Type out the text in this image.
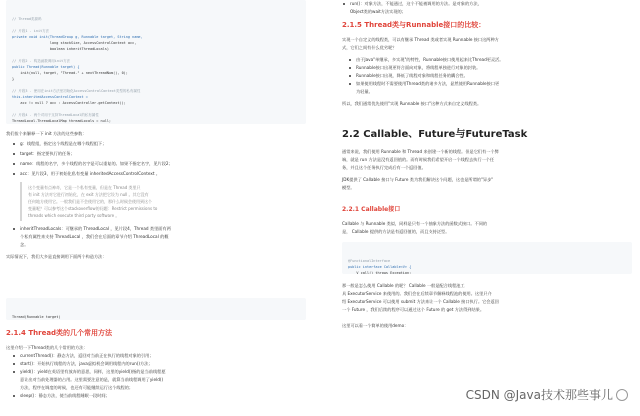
// Thread类源码

// 片段1 - init方法
private void init(ThreadGroup g, Runnable target, String name,
long stackSize, AccessControlContext acc,
boolean inheritThreadLocals)

// 片段2 - 构造函数调用init方法
public Thread(Runnable target) {
init(null, target, "Thread-" + nextThreadNum(), 0);
}

// 片段3 - 使用在init方法里初始化AccessControlContext类型的私有属性
this.inheritedAccessControlContext =
acc != null ? acc : AccessController.getContext();

// 片段4 - 两个对用于支持ThreadLocal的私有属性
ThreadLocal.ThreadLocalMap threadLocals = null;

我们挨个来解释一下 init 方法的这些参数：
g：线程组，指定这个线程是在哪个线程组下；
target：指定要执行的任务；
name：线程的名字，多个线程的名字是可以重复的。如果不指定名字，见片段2；
acc：见片段3，用于初始化私有变量 inheritedAccessControlContext 。
这个变量有点神奇，它是一个私有变量，但是在 Thread 类里只
有 init 方法对它进行初始化，在 exit 方法把它设为 null 。其它没有
任何地方使用它。一般我们是不会使用它的，那什么时候会使用到这个
变量呢？可以参考这个stackoverflow的问题：Restrict permissions to
threads which execute third party software 。
inheritThreadLocals：可继承的 ThreadLocal ，见片段4，Thread 类里面有两
个私有属性来支持 ThreadLocal ，我们会在后面的章节介绍 ThreadLocal 的概
念。
实际情况下，我们大多是直接调用下面两个构造方法：

Thread(Runnable target)

2.1.4 Thread类的几个常用方法
这里介绍一下Thread类的几个常用的方法：
currentThread()：静态方法，返回对当前正在执行的线程对象的引用；
start()：开始执行线程的方法，java虚拟机会调用线程内的run()方法；
yield()：yield在英语里有放弃的意思，同样，这里的yield()指的是当前线程愿
意让出对当前处理器的占用。这里需要注意的是，就算当前线程调用了yield()
方法，程序在调度的时候，也还有可能继续运行这个线程的；
sleep()：静态方法，使当前线程睡眠一段时间；
run()：对象方法，不能通过，这个不能被调用的方法。是对象的方法，
Object类的wait方法实现的；
2.1.5 Thread类与Runnable接口的比较：
实现一个自定义的线程类，可以有继承 Thread 类或者实现 Runnable 接口这两种方
式，它们之间有什么优劣呢？
由于Java"单继承，多实现"的特性，Runnable接口使用起来比Thread更灵活。
Runnable接口出现更符合面向对象，将线程单独进行对象的封装。
Runnable接口出现，降低了线程对象和线程任务的耦合性。
如果使用线程时不需要使用Thread类的诸多方法，显然使用Runnable接口更
为轻量。
所以，我们通常优先使用"实现 Runnable 接口"这种方式来自定义线程类。
2.2 Callable、Future与FutureTask
通常来说，我们使用 Runnable 和 Thread 来创建一个新的线程。但是它们有一个弊
端，就是 run 方法是没有返回值的。而有时候我们希望开启一个线程去执行一个任
务，并且这个任务执行完成后有一个返回值。
JDK提供了 Callable 接口与 Future 类为我们解决这个问题，这也是所谓的"异步"
模型。
2.2.1 Callable接口
Callable 与 Runnable 类似，同样是只有一个抽象方法的函数式接口。不同的
是， Callable 提供的方法是有返回值的，而且支持泛型。

@FunctionalInterface
public interface Callable<V> {
V call() throws Exception;

那一般是怎么使用 Callable 的呢？ Callable 一般是配合线程池工
具 ExecutorService 来使用的。我们会在后续章节解释线程池的使用。这里只介
绍 ExecutorService 可以使用 submit 方法来让一个 Callable 接口执行。它会返回
一个 Future ，我们后续的程序可以通过这个 Future 的 get 方法得到结果。
这里可以看一个简单的使用demo：
CSDN @Java技术那些事儿
